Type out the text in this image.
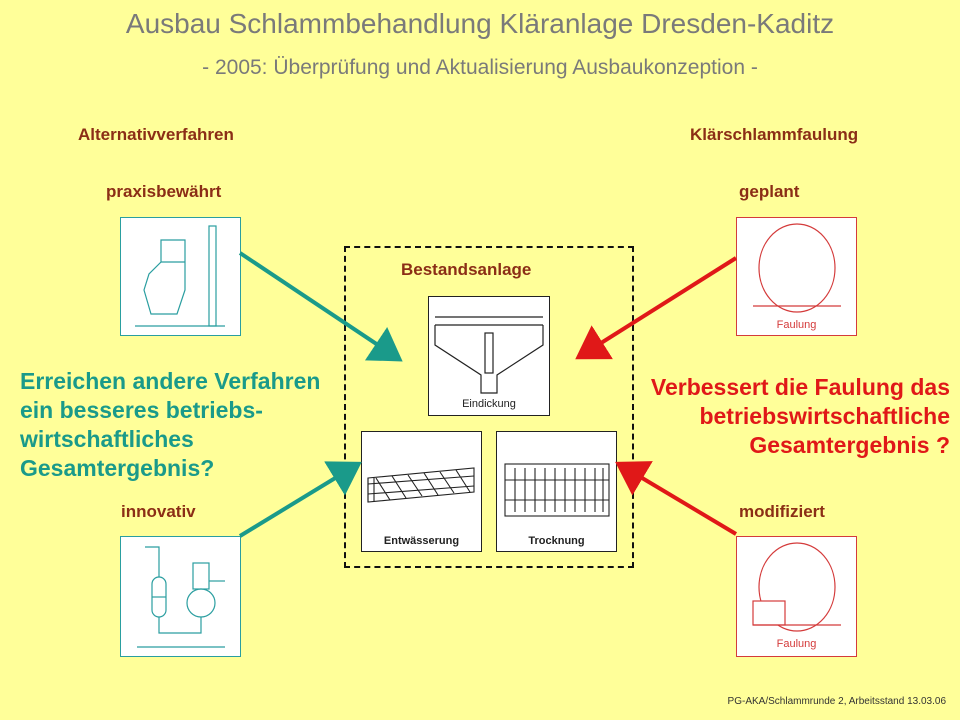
Ausbau Schlammbehandlung Kläranlage Dresden-Kaditz
- 2005: Überprüfung und Aktualisierung Ausbaukonzeption -
Alternativverfahren
praxisbewährt
innovativ
Klärschlammfaulung
geplant
modifiziert
Faulung
Faulung
Bestandsanlage
Eindickung
Entwässerung	Trocknung
Erreichen andere Verfahren
ein besseres betriebs-
wirtschaftliches
Gesamtergebnis?
Verbessert die Faulung das
betriebswirtschaftliche
Gesamtergebnis ?
PG-AKA/Schlammrunde 2, Arbeitsstand 13.03.06
